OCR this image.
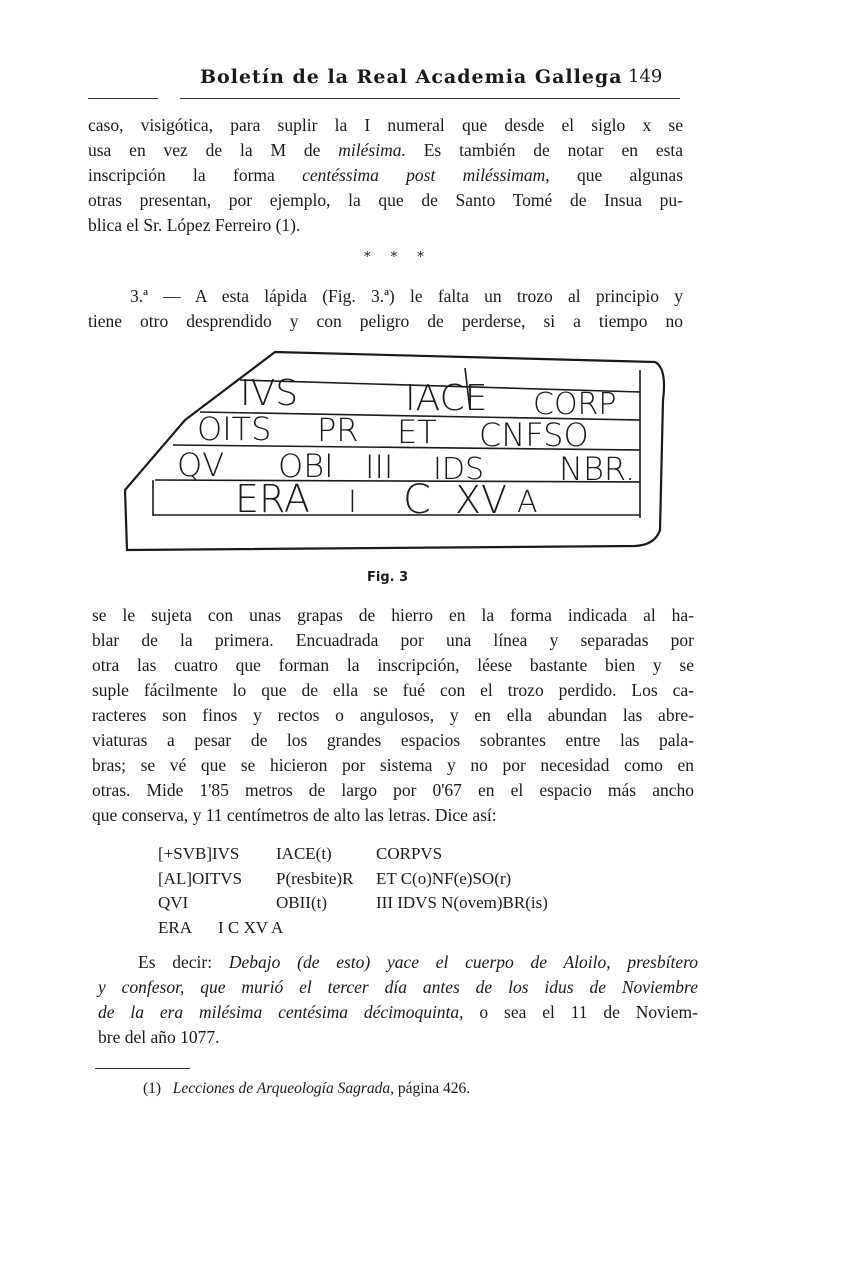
Boletín de la Real Academia Gallega 149
caso, visigótica, para suplir la I numeral que desde el siglo x se
usa en vez de la M de milésima. Es también de notar en esta
inscripción la forma centéssima post miléssimam, que algunas
otras presentan, por ejemplo, la que de Santo Tomé de Insua pu-
blica el Sr. López Ferreiro (1).
* * *
3.ª — A esta lápida (Fig. 3.ª) le falta un trozo al principio y
tiene otro desprendido y con peligro de perderse, si a tiempo no
IVS	IACE CORP
OITS PR ET CNFSO
QV OBI III IDS NBR.
ERA I C XV A
Fig. 3
se le sujeta con unas grapas de hierro en la forma indicada al ha-
blar de la primera. Encuadrada por una línea y separadas por
otra las cuatro que forman la inscripción, léese bastante bien y se
suple fácilmente lo que de ella se fué con el trozo perdido. Los ca-
racteres son finos y rectos o angulosos, y en ella abundan las abre-
viaturas a pesar de los grandes espacios sobrantes entre las pala-
bras; se vé que se hicieron por sistema y no por necesidad como en
otras. Mide 1'85 metros de largo por 0'67 en el espacio más ancho
que conserva, y 11 centímetros de alto las letras. Dice así:
[+SVB]IVS	IACE(t)	CORPVS
[AL]OITVS	P(resbite)R	ET C(o)NF(e)SO(r)
QVI	OBII(t)	III IDVS N(ovem)BR(is)
ERA	I C XV A
Es decir: Debajo (de esto) yace el cuerpo de Aloilo, presbítero
y confesor, que murió el tercer día antes de los idus de Noviembre
de la era milésima centésima décimoquinta, o sea el 11 de Noviem-
bre del año 1077.
(1) Lecciones de Arqueología Sagrada, página 426.
